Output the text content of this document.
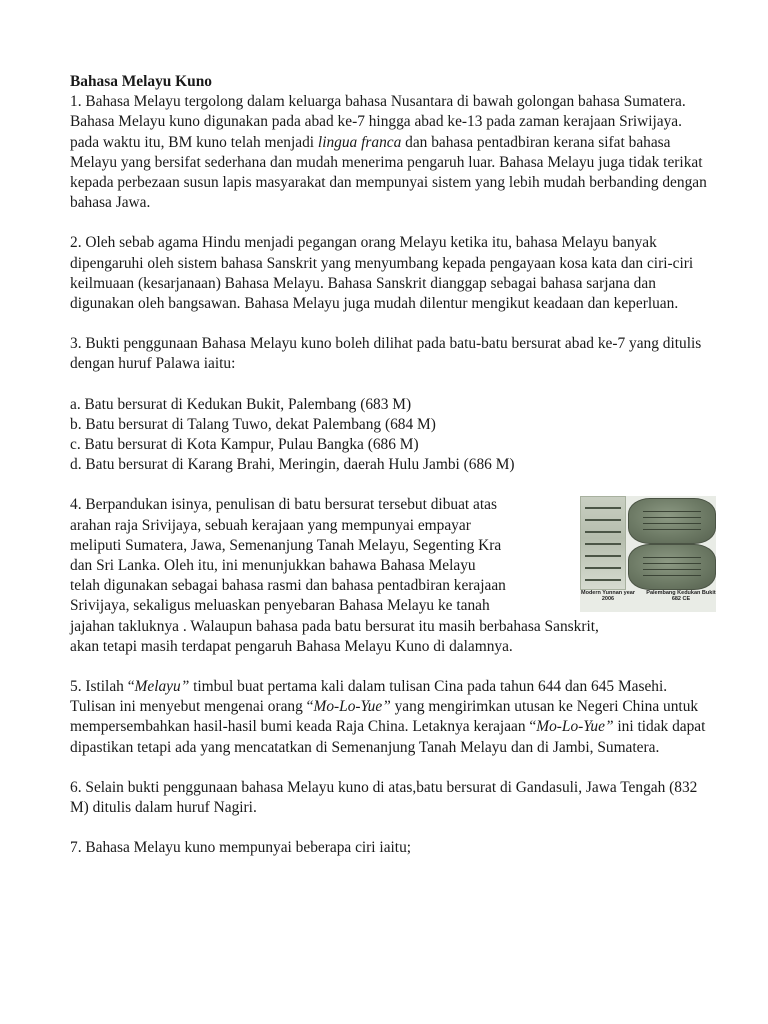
Bahasa Melayu Kuno

1. Bahasa Melayu tergolong dalam keluarga bahasa Nusantara di bawah golongan bahasa Sumatera. Bahasa Melayu kuno digunakan pada abad ke-7 hingga abad ke-13 pada zaman kerajaan Sriwijaya. pada waktu itu, BM kuno telah menjadi lingua franca dan bahasa pentadbiran kerana sifat bahasa Melayu yang bersifat sederhana dan mudah menerima pengaruh luar. Bahasa Melayu juga tidak terikat kepada perbezaan susun lapis masyarakat dan mempunyai sistem yang lebih mudah berbanding dengan bahasa Jawa.

2. Oleh sebab agama Hindu menjadi pegangan orang Melayu ketika itu, bahasa Melayu banyak dipengaruhi oleh sistem bahasa Sanskrit yang menyumbang kepada pengayaan kosa kata dan ciri-ciri keilmuaan (kesarjanaan) Bahasa Melayu. Bahasa Sanskrit dianggap sebagai bahasa sarjana dan digunakan oleh bangsawan. Bahasa Melayu juga mudah dilentur mengikut keadaan dan keperluan.

3. Bukti penggunaan Bahasa Melayu kuno boleh dilihat pada batu-batu bersurat abad ke-7 yang ditulis dengan huruf Palawa iaitu:

a. Batu bersurat di Kedukan Bukit, Palembang (683 M)

b. Batu bersurat di Talang Tuwo, dekat Palembang (684 M)

c. Batu bersurat di Kota Kampur, Pulau Bangka (686 M)

d. Batu bersurat di Karang Brahi, Meringin, daerah Hulu Jambi (686 M)

4. Berpandukan isinya, penulisan di batu bersurat tersebut dibuat atas

arahan raja Srivijaya, sebuah kerajaan yang mempunyai empayar

meliputi Sumatera, Jawa, Semenanjung Tanah Melayu, Segenting Kra

dan Sri Lanka. Oleh itu, ini menunjukkan bahawa Bahasa Melayu

telah digunakan sebagai bahasa rasmi dan bahasa pentadbiran kerajaan

Srivijaya, sekaligus meluaskan penyebaran Bahasa Melayu ke tanah

jajahan takluknya . Walaupun bahasa pada batu bersurat itu masih berbahasa Sanskrit,

akan tetapi masih terdapat pengaruh Bahasa Melayu Kuno di dalamnya.

5. Istilah “Melayu” timbul buat pertama kali dalam tulisan Cina pada tahun 644 dan 645 Masehi. Tulisan ini menyebut mengenai orang “Mo-Lo-Yue” yang mengirimkan utusan ke Negeri China untuk mempersembahkan hasil-hasil bumi keada Raja China. Letaknya kerajaan “Mo-Lo-Yue” ini tidak dapat dipastikan tetapi ada yang mencatatkan di Semenanjung Tanah Melayu dan di Jambi, Sumatera.

6. Selain bukti penggunaan bahasa Melayu kuno di atas,batu bersurat di Gandasuli, Jawa Tengah (832 M) ditulis dalam huruf Nagiri.

7. Bahasa Melayu kuno mempunyai beberapa ciri iaitu;

Modern Yunnan year 2006
Palembang Kedukan Bukit 682 CE
